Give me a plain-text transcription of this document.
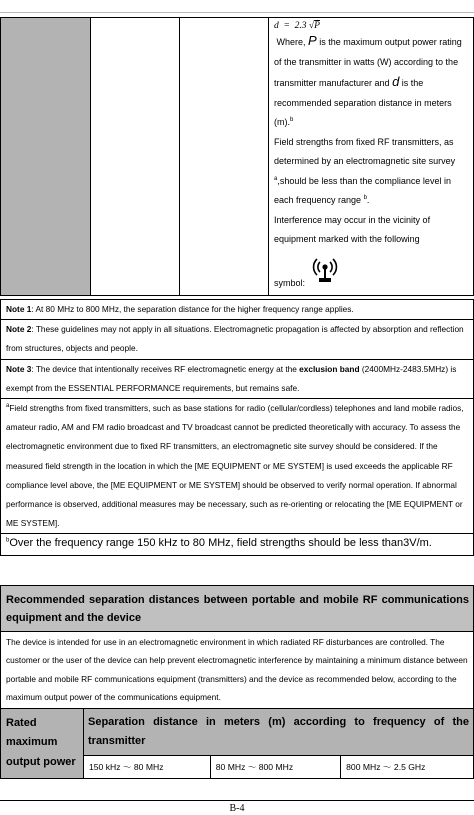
d = 2.3 √P
Where, P is the maximum output power rating of the transmitter in watts (W) according to the transmitter manufacturer and d is the recommended separation distance in meters (m).$^b$
Field strengths from fixed RF transmitters, as determined by an electromagnetic site survey $^a$,should be less than the compliance level in each frequency range $^b$.
Interference may occur in the vicinity of equipment marked with the following
symbol:
Note 1: At 80 MHz to 800 MHz, the separation distance for the higher frequency range applies.
Note 2: These guidelines may not apply in all situations. Electromagnetic propagation is affected by absorption and reflection from structures, objects and people.
Note 3: The device that intentionally receives RF electromagnetic energy at the exclusion band (2400MHz-2483.5MHz) is exempt from the ESSENTIAL PERFORMANCE requirements, but remains safe.
$^a$Field strengths from fixed transmitters, such as base stations for radio (cellular/cordless) telephones and land mobile radios, amateur radio, AM and FM radio broadcast and TV broadcast cannot be predicted theoretically with accuracy. To assess the electromagnetic environment due to fixed RF transmitters, an electromagnetic site survey should be considered. If the measured field strength in the location in which the [ME EQUIPMENT or ME SYSTEM] is used exceeds the applicable RF compliance level above, the [ME EQUIPMENT or ME SYSTEM] should be observed to verify normal operation. If abnormal performance is observed, additional measures may be necessary, such as re-orienting or relocating the [ME EQUIPMENT or ME SYSTEM].
$^b$Over the frequency range 150 kHz to 80 MHz, field strengths should be less than3V/m.
Recommended separation distances between portable and mobile RF communications equipment and the device			
The device is intended for use in an electromagnetic environment in which radiated RF disturbances are controlled. The customer or the user of the device can help prevent electromagnetic interference by maintaining a minimum distance between portable and mobile RF communications equipment (transmitters) and the device as recommended below, according to the maximum output power of the communications equipment.			
Rated maximum output power	Separation distance in meters (m) according to frequency of the transmitter		
	150 kHz ～ 80 MHz	80 MHz ～ 800 MHz	800 MHz ～ 2.5 GHz
B-4
